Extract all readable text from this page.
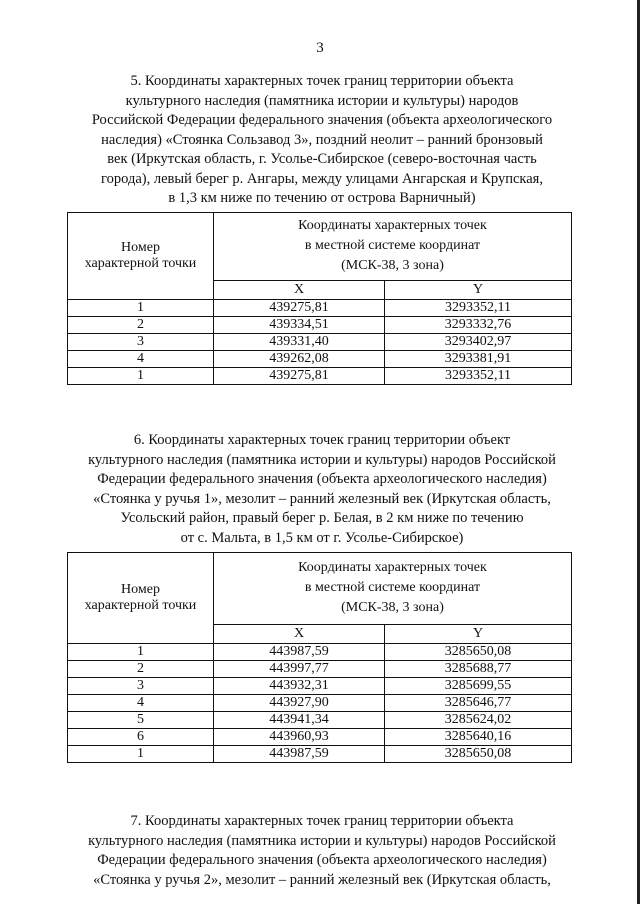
3
5. Координаты характерных точек границ территории объекта
культурного наследия (памятника истории и культуры) народов
Российской Федерации федерального значения (объекта археологического
наследия) «Стоянка Сользавод 3», поздний неолит – ранний бронзовый
век (Иркутская область, г. Усолье-Сибирское (северо-восточная часть
города), левый берег р. Ангары, между улицами Ангарская и Крупская,
в 1,3 км ниже по течению от острова Варничный)
Номер
характерной точки	Координаты характерных точек
в местной системе координат
(МСК-38, 3 зона)	

	X	Y
1	439275,81	3293352,11
2	439334,51	3293332,76
3	439331,40	3293402,97
4	439262,08	3293381,91
1	439275,81	3293352,11
6. Координаты характерных точек границ территории объект
культурного наследия (памятника истории и культуры) народов Российской
Федерации федерального значения (объекта археологического наследия)
«Стоянка у ручья 1», мезолит – ранний железный век (Иркутская область,
Усольский район, правый берег р. Белая, в 2 км ниже по течению
от с. Мальта, в 1,5 км от г. Усолье-Сибирское)
Номер
характерной точки	Координаты характерных точек
в местной системе координат
(МСК-38, 3 зона)	

	X	Y
1	443987,59	3285650,08
2	443997,77	3285688,77
3	443932,31	3285699,55
4	443927,90	3285646,77
5	443941,34	3285624,02
6	443960,93	3285640,16
1	443987,59	3285650,08
7. Координаты характерных точек границ территории объекта
культурного наследия (памятника истории и культуры) народов Российской
Федерации федерального значения (объекта археологического наследия)
«Стоянка у ручья 2», мезолит – ранний железный век (Иркутская область,
